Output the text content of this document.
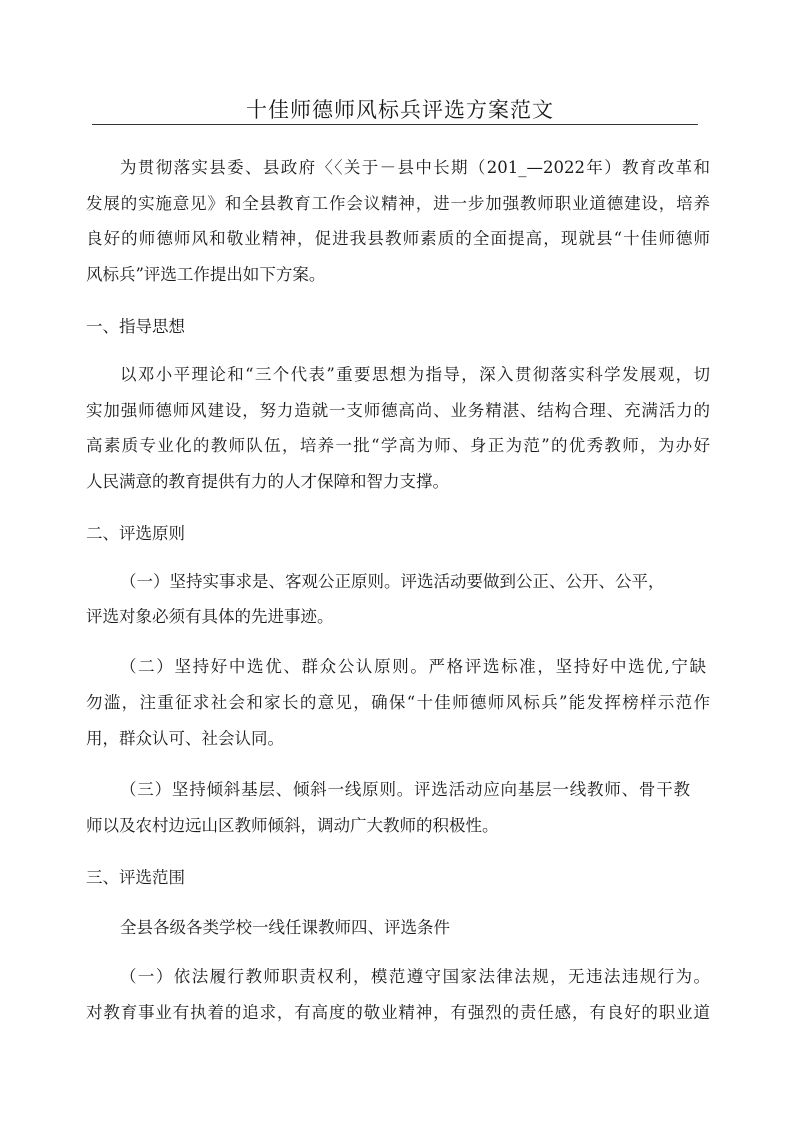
十佳师德师风标兵评选方案范文
为贯彻落实县委、县政府〈〈关于－县中长期（201_—2022年）教育改革和
发展的实施意见》和全县教育工作会议精神，进一步加强教师职业道德建设，培养
良好的师德师风和敬业精神，促进我县教师素质的全面提高，现就县“十佳师德师
风标兵”评选工作提出如下方案。
一、指导思想
以邓小平理论和“三个代表”重要思想为指导，深入贯彻落实科学发展观，切
实加强师德师风建设，努力造就一支师德高尚、业务精湛、结构合理、充满活力的
高素质专业化的教师队伍，培养一批“学高为师、身正为范”的优秀教师，为办好
人民满意的教育提供有力的人才保障和智力支撑。
二、评选原则
（一）坚持实事求是、客观公正原则。评选活动要做到公正、公开、公平，
评选对象必须有具体的先进事迹。
（二）坚持好中选优、群众公认原则。严格评选标准，坚持好中选优,宁缺
勿滥，注重征求社会和家长的意见，确保“十佳师德师风标兵”能发挥榜样示范作
用，群众认可、社会认同。
（三）坚持倾斜基层、倾斜一线原则。评选活动应向基层一线教师、骨干教
师以及农村边远山区教师倾斜，调动广大教师的积极性。
三、评选范围
全县各级各类学校一线任课教师四、评选条件
（一）依法履行教师职责权利，模范遵守国家法律法规，无违法违规行为。
对教育事业有执着的追求，有高度的敬业精神，有强烈的责任感，有良好的职业道
